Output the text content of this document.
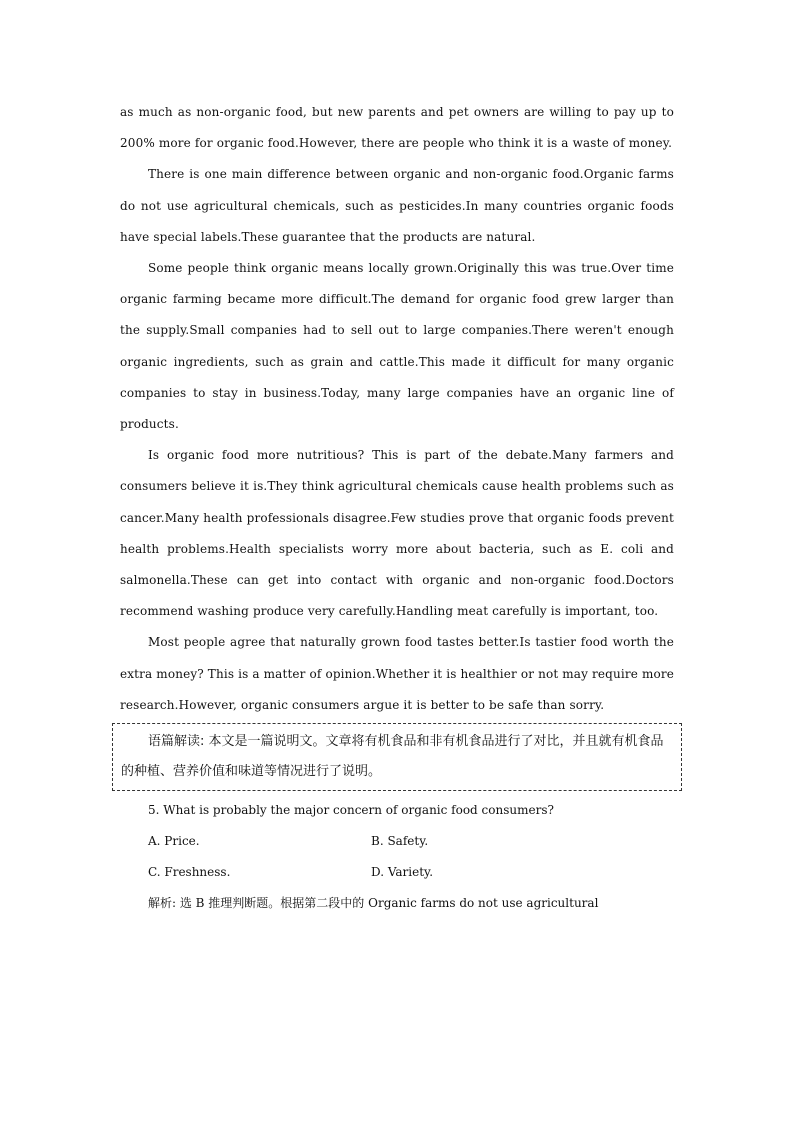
as much as non-organic food, but new parents and pet owners are willing to pay up to 200% more for organic food.However, there are people who think it is a waste of money.

There is one main difference between organic and non-organic food.Organic farms do not use agricultural chemicals, such as pesticides.In many countries organic foods have special labels.These guarantee that the products are natural.

Some people think organic means locally grown.Originally this was true.Over time organic farming became more difficult.The demand for organic food grew larger than the supply.Small companies had to sell out to large companies.There weren't enough organic ingredients, such as grain and cattle.This made it difficult for many organic companies to stay in business.Today, many large companies have an organic line of products.

Is organic food more nutritious? This is part of the debate.Many farmers and consumers believe it is.They think agricultural chemicals cause health problems such as cancer.Many health professionals disagree.Few studies prove that organic foods prevent health problems.Health specialists worry more about bacteria, such as E. coli and salmonella.These can get into contact with organic and non-organic food.Doctors recommend washing produce very carefully.Handling meat carefully is important, too.

Most people agree that naturally grown food tastes better.Is tastier food worth the extra money? This is a matter of opinion.Whether it is healthier or not may require more research.However, organic consumers argue it is better to be safe than sorry.

语篇解读: 本文是一篇说明文。文章将有机食品和非有机食品进行了对比，并且就有机食品的种植、营养价值和味道等情况进行了说明。

5. What is probably the major concern of organic food consumers?

A. Price.	B. Safety.
C. Freshness.	D. Variety.

解析: 选 B 推理判断题。根据第二段中的 Organic farms do not use agricultural
